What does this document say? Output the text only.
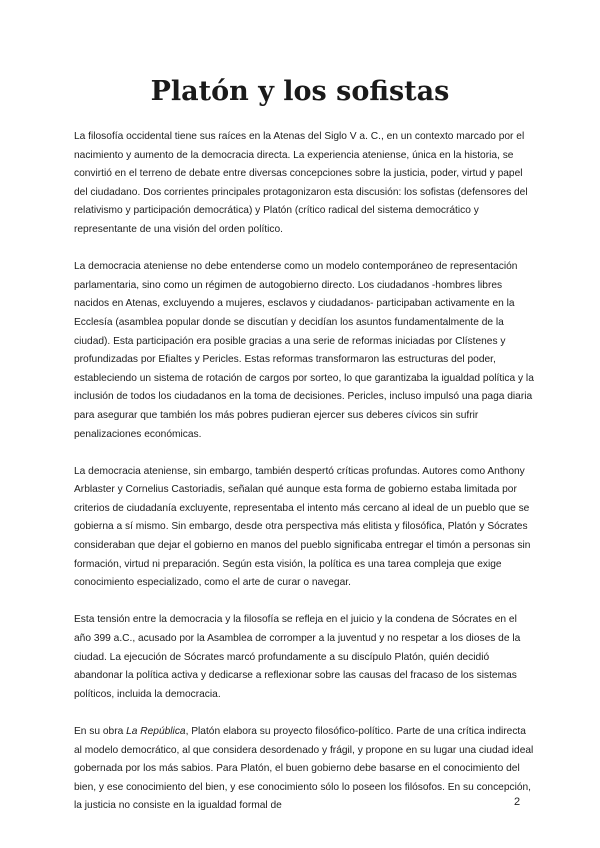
Platón y los sofistas

La filosofía occidental tiene sus raíces en la Atenas del Siglo V a. C., en un contexto marcado por el nacimiento y aumento de la democracia directa. La experiencia ateniense, única en la historia, se convirtió en el terreno de debate entre diversas concepciones sobre la justicia, poder, virtud y papel del ciudadano. Dos corrientes principales protagonizaron esta discusión: los sofistas (defensores del relativismo y participación democrática) y Platón (crítico radical del sistema democrático y representante de una visión del orden político.

La democracia ateniense no debe entenderse como un modelo contemporáneo de representación parlamentaria, sino como un régimen de autogobierno directo. Los ciudadanos -hombres libres nacidos en Atenas, excluyendo a mujeres, esclavos y ciudadanos- participaban activamente en la Ecclesía (asamblea popular donde se discutían y decidían los asuntos fundamentalmente de la ciudad). Esta participación era posible gracias a una serie de reformas iniciadas por Clístenes y profundizadas por Efialtes y Pericles. Estas reformas transformaron las estructuras del poder, estableciendo un sistema de rotación de cargos por sorteo, lo que garantizaba la igualdad política y la inclusión de todos los ciudadanos en la toma de decisiones. Pericles, incluso impulsó una paga diaria para asegurar que también los más pobres pudieran ejercer sus deberes cívicos sin sufrir penalizaciones económicas.

La democracia ateniense, sin embargo, también despertó críticas profundas. Autores como Anthony Arblaster y Cornelius Castoriadis, señalan qué aunque esta forma de gobierno estaba limitada por criterios de ciudadanía excluyente, representaba el intento más cercano al ideal de un pueblo que se gobierna a sí mismo. Sin embargo, desde otra perspectiva más elitista y filosófica, Platón y Sócrates consideraban que dejar el gobierno en manos del pueblo significaba entregar el timón a personas sin formación, virtud ni preparación. Según esta visión, la política es una tarea compleja que exige conocimiento especializado, como el arte de curar o navegar.

Esta tensión entre la democracia y la filosofía se refleja en el juicio y la condena de Sócrates en el año 399 a.C., acusado por la Asamblea de corromper a la juventud y no respetar a los dioses de la ciudad. La ejecución de Sócrates marcó profundamente a su discípulo Platón, quién decidió abandonar la política activa y dedicarse a reflexionar sobre las causas del fracaso de los sistemas políticos, incluida la democracia.

En su obra La República, Platón elabora su proyecto filosófico-político. Parte de una crítica indirecta al modelo democrático, al que considera desordenado y frágil, y propone en su lugar una ciudad ideal gobernada por los más sabios. Para Platón, el buen gobierno debe basarse en el conocimiento del bien, y ese conocimiento del bien, y ese conocimiento sólo lo poseen los filósofos. En su concepción, la justicia no consiste en la igualdad formal de	2
